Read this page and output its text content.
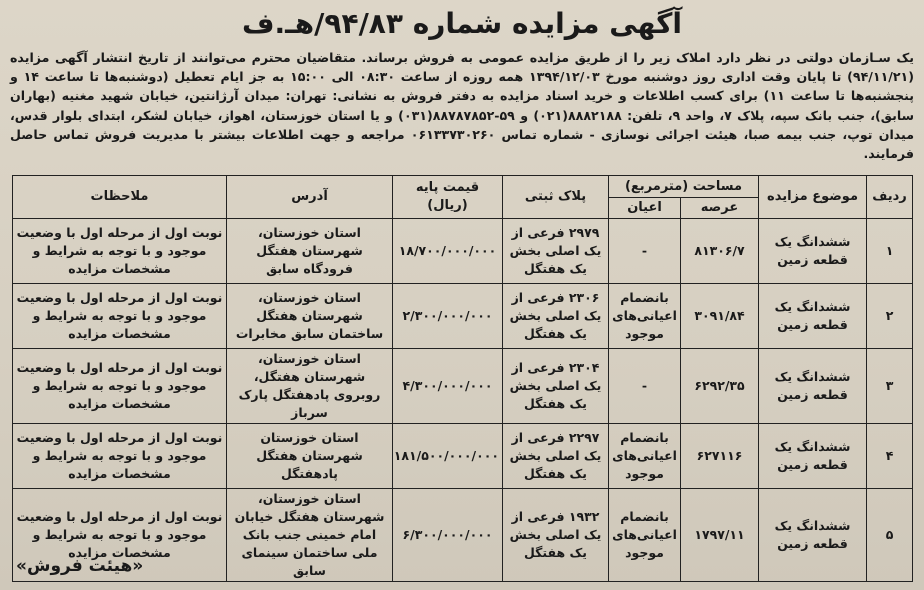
آگهی مزایده شماره ۹۴/۸۳/هـ.ف
یک سـازمان دولتی در نظر دارد املاک زیر را از طریق مزایده عمومی به فروش برساند. متقاضیان محترم می‌توانند از تاریخ انتشار آگهی مزایده (۹۴/۱۱/۲۱) تا پایان وقت اداری روز دوشنبه مورخ ۱۳۹۴/۱۲/۰۳ همه روزه از ساعت ۰۸:۳۰ الی ۱۵:۰۰ به جز ایام تعطیل (دوشنبه‌ها تا ساعت ۱۴ و پنجشنبه‌ها تا ساعت ۱۱) برای کسب اطلاعات و خرید اسناد مزایده به دفتر فروش به نشانی: تهران: میدان آرژانتین، خیابان شهید مغنیه (بهاران سابق)، جنب بانک سپه، پلاک ۷، واحد ۹، تلفن: ۸۸۸۲۱۸۸(۰۲۱) و ۵۹-۸۸۷۸۷۸۵۲(۰۳۱) و یا استان خوزستان، اهواز، خیابان لشکر، ابتدای بلوار قدس، میدان توپ، جنب بیمه صبا، هیئت اجرائی نوسازی - شماره تماس ۰۶۱۳۳۷۳۰۲۶۰ مراجعه و جهت اطلاعات بیشتر با مدیریت فروش تماس حاصل فرمایند.
ردیف	موضوع مزایده	مساحت (مترمربع)		پلاک ثبتی	قیمت پایه (ریال)	آدرس	ملاحظات
		عرصه	اعیان				
۱	ششدانگ یک قطعه زمین	۸۱۳۰۶/۷	-	۲۹۷۹ فرعی از یک اصلی بخش یک هفتگل	۱۸/۷۰۰/۰۰۰/۰۰۰	استان خوزستان، شهرستان هفتگل فرودگاه سابق	نوبت اول از مرحله اول با وضعیت موجود و با توجه به شرایط و مشخصات مزایده
۲	ششدانگ یک قطعه زمین	۳۰۹۱/۸۴	بانضمام اعیانی‌های موجود	۲۳۰۶ فرعی از یک اصلی بخش یک هفتگل	۲/۳۰۰/۰۰۰/۰۰۰	استان خوزستان، شهرستان هفتگل ساختمان سابق مخابرات	نوبت اول از مرحله اول با وضعیت موجود و با توجه به شرایط و مشخصات مزایده
۳	ششدانگ یک قطعه زمین	۶۲۹۲/۳۵	-	۲۳۰۴ فرعی از یک اصلی بخش یک هفتگل	۴/۳۰۰/۰۰۰/۰۰۰	استان خوزستان، شهرستان هفتگل، روبروی پادهفتگل پارک سرباز	نوبت اول از مرحله اول با وضعیت موجود و با توجه به شرایط و مشخصات مزایده
۴	ششدانگ یک قطعه زمین	۶۲۷۱۱۶	بانضمام اعیانی‌های موجود	۲۲۹۷ فرعی از یک اصلی بخش یک هفتگل	۱۸۱/۵۰۰/۰۰۰/۰۰۰	استان خوزستان شهرستان هفتگل پادهفتگل	نوبت اول از مرحله اول با وضعیت موجود و با توجه به شرایط و مشخصات مزایده
۵	ششدانگ یک قطعه زمین	۱۷۹۷/۱۱	بانضمام اعیانی‌های موجود	۱۹۳۲ فرعی از یک اصلی بخش یک هفتگل	۶/۳۰۰/۰۰۰/۰۰۰	استان خوزستان، شهرستان هفتگل خیابان امام خمینی جنب بانک ملی ساختمان سینمای سابق	نوبت اول از مرحله اول با وضعیت موجود و با توجه به شرایط و مشخصات مزایده
«هیئت فروش»
